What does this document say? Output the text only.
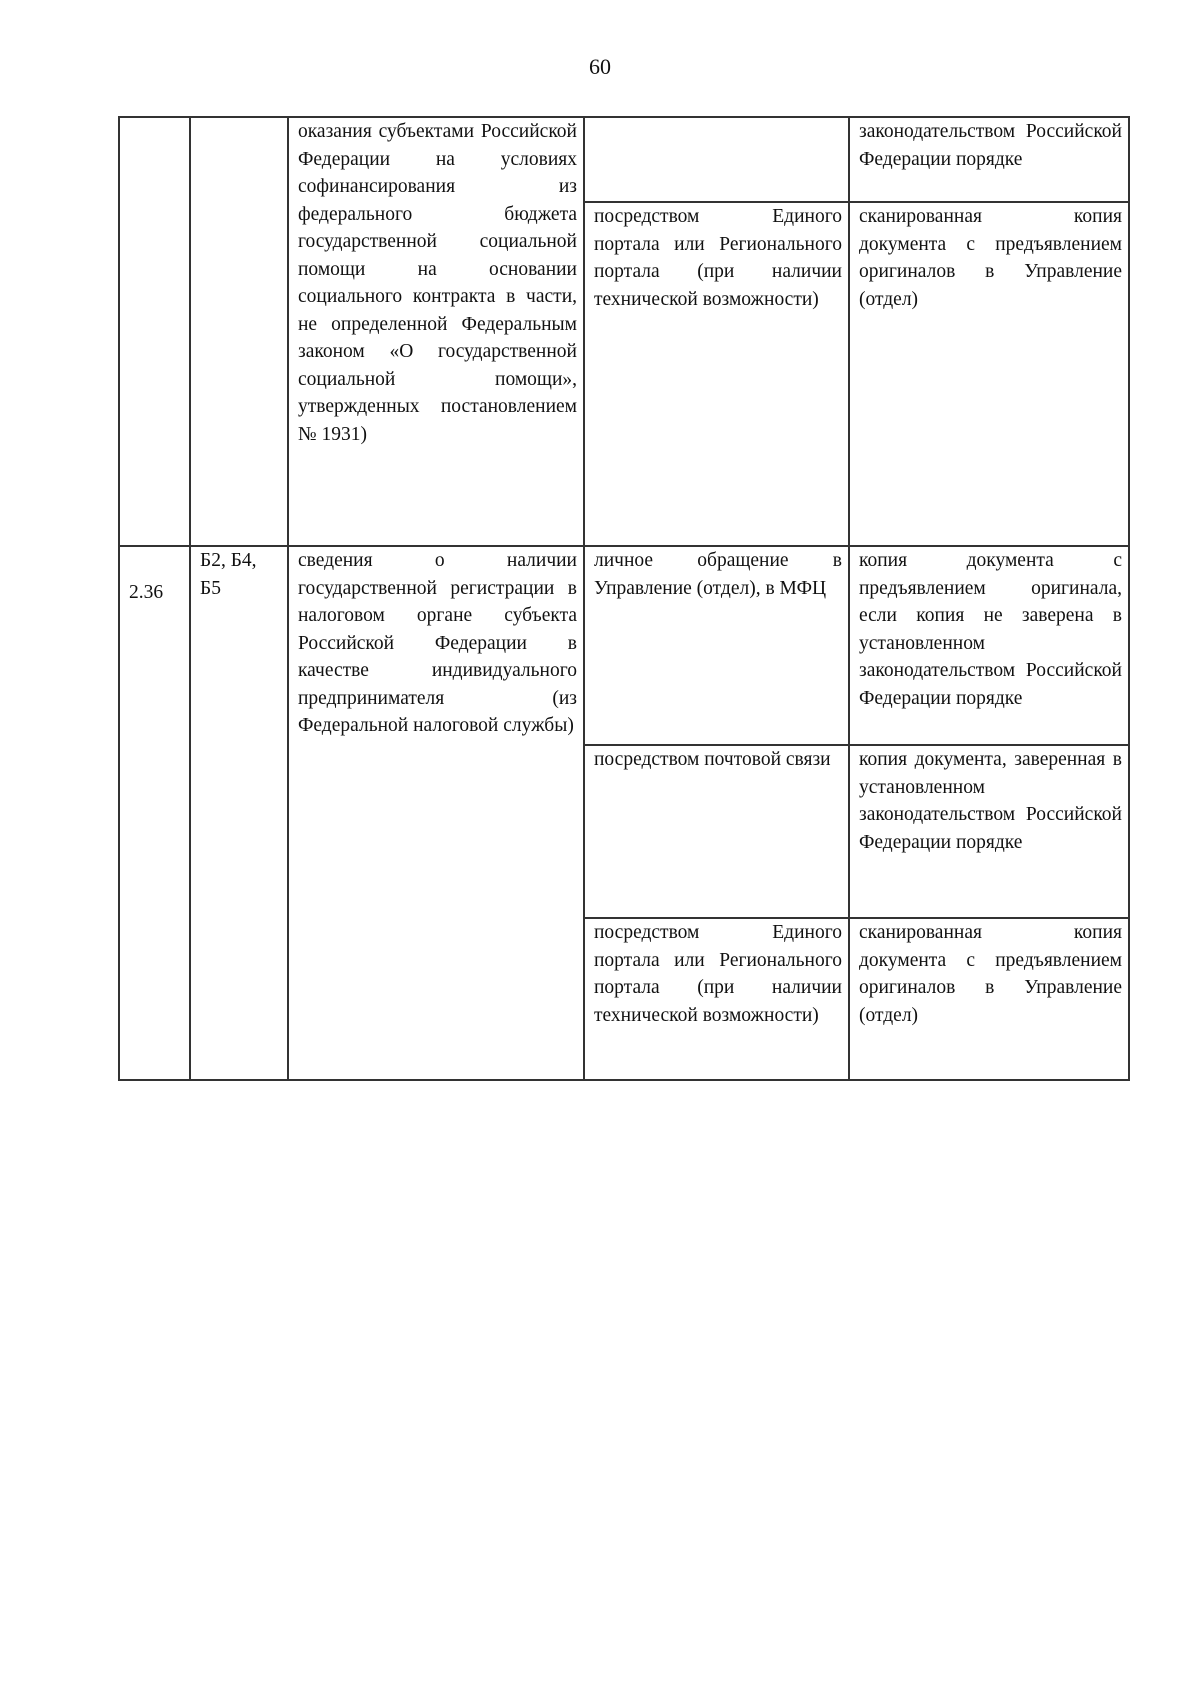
60
		оказания субъектами Российской Федерации на условиях софинансирования из федерального бюджета государственной социальной помощи на основании социального контракта в части, не определенной Федеральным законом «О государственной социальной помощи», утвержденных постановлением № 1931)		законодательством Российской Федерации порядке
			посредством Единого портала или Регионального портала (при наличии технической возможности)	сканированная копия документа с предъявлением оригиналов в Управление (отдел)
2.36	Б2, Б4, Б5	сведения о наличии государственной регистрации в налоговом органе субъекта Российской Федерации в качестве индивидуального предпринимателя (из Федеральной налоговой службы)	личное обращение в Управление (отдел), в МФЦ	копия документа с предъявлением оригинала, если копия не заверена в установленном законодательством Российской Федерации порядке
			посредством почтовой связи	копия документа, заверенная в установленном законодательством Российской Федерации порядке
			посредством Единого портала или Регионального портала (при наличии технической возможности)	сканированная копия документа с предъявлением оригиналов в Управление (отдел)
